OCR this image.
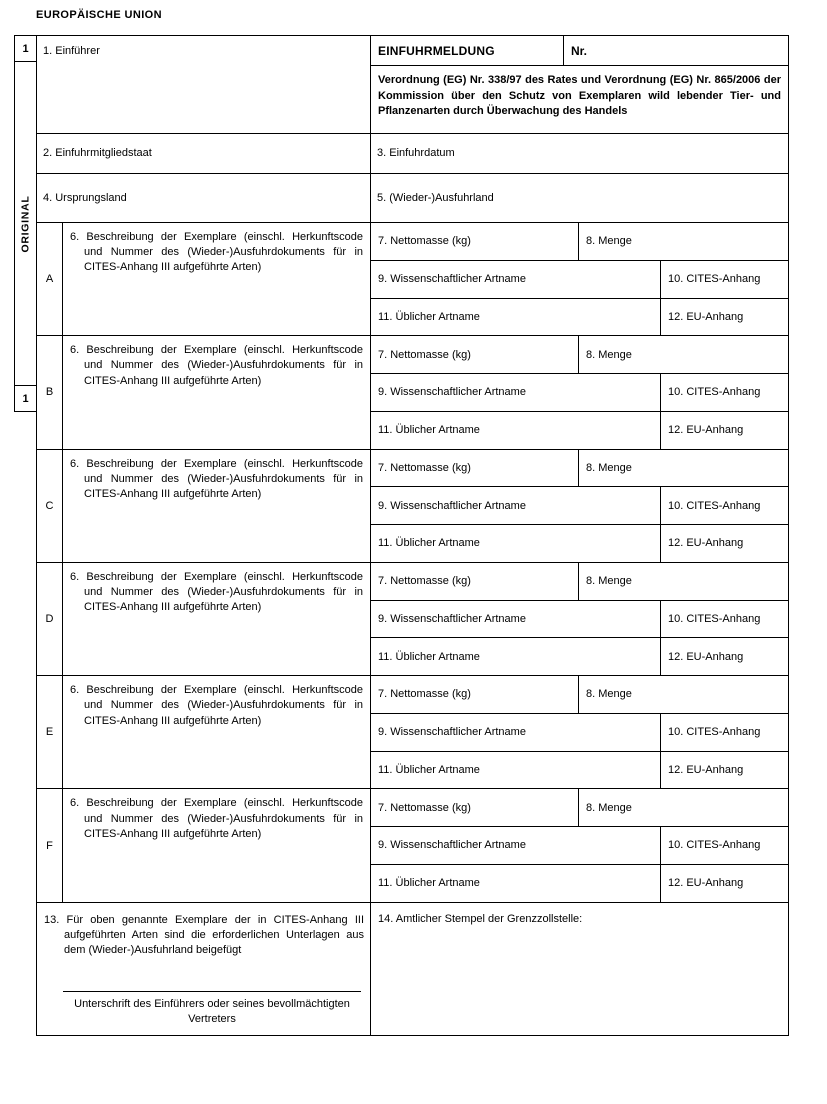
EUROPÄISCHE UNION
1
ORIGINAL
1
1. Einführer	EINFUHRMELDUNG	Nr.
Verordnung (EG) Nr. 338/97 des Rates und Verordnung (EG) Nr. 865/2006 der Kommission über den Schutz von Exemplaren wild lebender Tier- und Pflanzenarten durch Überwachung des Handels
2. Einfuhrmitgliedstaat	3. Einfuhrdatum
4. Ursprungsland	5. (Wieder-)Ausfuhrland
A
6. Beschreibung der Exemplare (einschl. Herkunftscode und Nummer des (Wieder-)Ausfuhrdokuments für in CITES-Anhang III aufgeführte Arten)
7. Nettomasse (kg)	8. Menge
9. Wissenschaftlicher Artname	10. CITES-Anhang
11. Üblicher Artname	12. EU-Anhang
B
6. Beschreibung der Exemplare (einschl. Herkunftscode und Nummer des (Wieder-)Ausfuhrdokuments für in CITES-Anhang III aufgeführte Arten)
7. Nettomasse (kg)	8. Menge
9. Wissenschaftlicher Artname	10. CITES-Anhang
11. Üblicher Artname	12. EU-Anhang
C
6. Beschreibung der Exemplare (einschl. Herkunftscode und Nummer des (Wieder-)Ausfuhrdokuments für in CITES-Anhang III aufgeführte Arten)
7. Nettomasse (kg)	8. Menge
9. Wissenschaftlicher Artname	10. CITES-Anhang
11. Üblicher Artname	12. EU-Anhang
D
6. Beschreibung der Exemplare (einschl. Herkunftscode und Nummer des (Wieder-)Ausfuhrdokuments für in CITES-Anhang III aufgeführte Arten)
7. Nettomasse (kg)	8. Menge
9. Wissenschaftlicher Artname	10. CITES-Anhang
11. Üblicher Artname	12. EU-Anhang
E
6. Beschreibung der Exemplare (einschl. Herkunftscode und Nummer des (Wieder-)Ausfuhrdokuments für in CITES-Anhang III aufgeführte Arten)
7. Nettomasse (kg)	8. Menge
9. Wissenschaftlicher Artname	10. CITES-Anhang
11. Üblicher Artname	12. EU-Anhang
F
6. Beschreibung der Exemplare (einschl. Herkunftscode und Nummer des (Wieder-)Ausfuhrdokuments für in CITES-Anhang III aufgeführte Arten)
7. Nettomasse (kg)	8. Menge
9. Wissenschaftlicher Artname	10. CITES-Anhang
11. Üblicher Artname	12. EU-Anhang
13. Für oben genannte Exemplare der in CITES-Anhang III aufgeführten Arten sind die erforderlichen Unterlagen aus dem (Wieder-)Ausfuhrland beigefügt
Unterschrift des Einführers oder seines bevollmächtigten Vertreters
14. Amtlicher Stempel der Grenzzollstelle:
